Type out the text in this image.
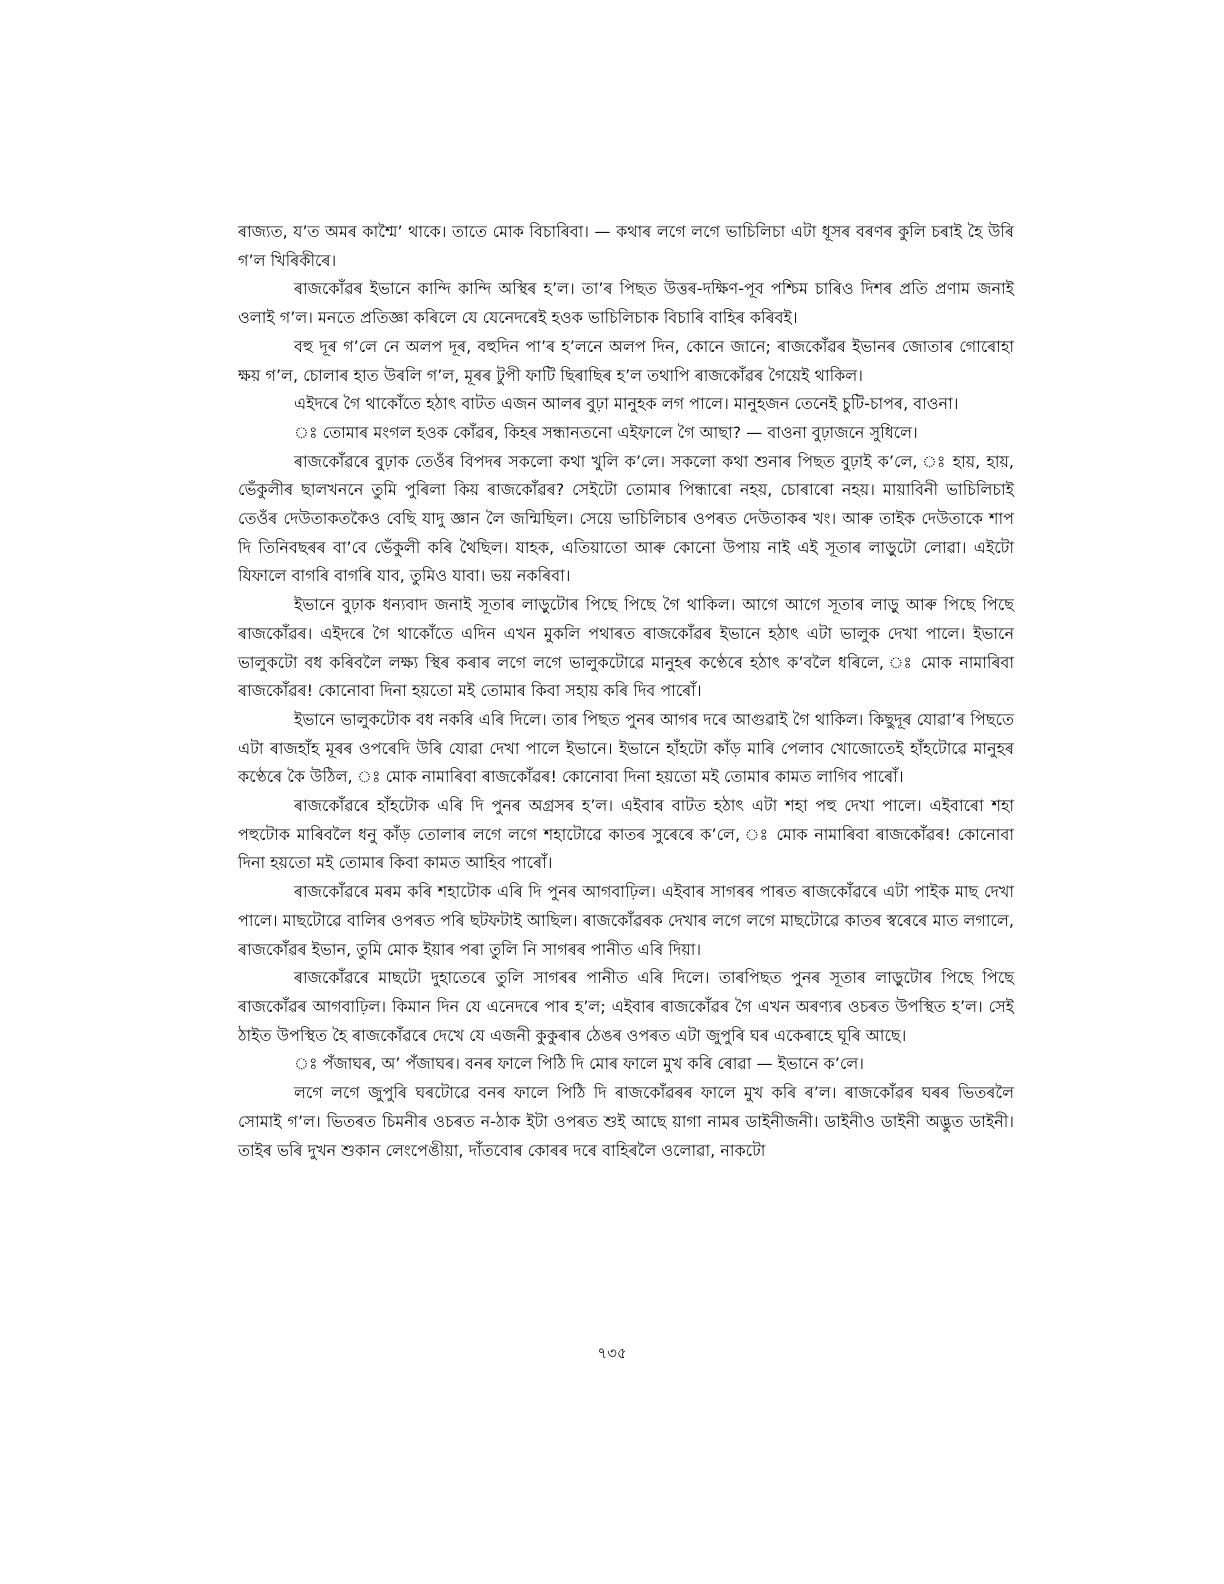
ৰাজ্যত, য’ত অমৰ কাশ্মৈ’ থাকে। তাতে মোক বিচাৰিবা। — কথাৰ লগে লগে ভাচিলিচা এটা ধূসৰ বৰণৰ কুলি চৰাই হৈ উৰি গ’ল খিৰিকীৰে।

ৰাজকোঁৱৰ ইভানে কান্দি কান্দি অস্থিৰ হ’ল। তা’ৰ পিছত উত্তৰ-দক্ষিণ-পূব পশ্চিম চাৰিও দিশৰ প্ৰতি প্ৰণাম জনাই ওলাই গ’ল। মনতে প্ৰতিজ্ঞা কৰিলে যে যেনেদৰেই হওক ভাচিলিচাক বিচাৰি বাহিৰ কৰিবই।

বহু দূৰ গ’লে নে অলপ দূৰ, বহুদিন পা’ৰ হ’লনে অলপ দিন, কোনে জানে; ৰাজকোঁৱৰ ইভানৰ জোতাৰ গোৰোহা ক্ষয় গ’ল, চোলাৰ হাত উৰলি গ’ল, মূৰৰ টুপী ফাটি ছিৰাছিৰ হ’ল তথাপি ৰাজকোঁৱৰ গৈয়েই থাকিল।

এইদৰে গৈ থাকোঁতে হঠাৎ বাটত এজন আলৰ বুঢ়া মানুহক লগ পালে। মানুহজন তেনেই চুটি-চাপৰ, বাওনা।

ঃ তোমাৰ মংগল হওক কোঁৱৰ, কিহৰ সন্ধানতনো এইফালে গৈ আছা? — বাওনা বুঢ়াজনে সুধিলে।

ৰাজকোঁৱৰে বুঢ়াক তেওঁৰ বিপদৰ সকলো কথা খুলি ক’লে। সকলো কথা শুনাৰ পিছত বুঢ়াই ক’লে, ঃ হায়, হায়, ভেঁকুলীৰ ছালখননে তুমি পুৰিলা কিয় ৰাজকোঁৱৰ? সেইটো তোমাৰ পিন্ধাৰো নহয়, চোৰাৰো নহয়। মায়াবিনী ভাচিলিচাই তেওঁৰ দেউতাকতকৈও বেছি যাদু জ্ঞান লৈ জন্মিছিল। সেয়ে ভাচিলিচাৰ ওপৰত দেউতাকৰ খং। আৰু তাইক দেউতাকে শাপ দি তিনিবছৰৰ বা’বে ভেঁকুলী কৰি থৈছিল। যাহক, এতিয়াতো আৰু কোনো উপায় নাই এই সূতাৰ লাড়ুটো লোৱা। এইটো যিফালে বাগৰি বাগৰি যাব, তুমিও যাবা। ভয় নকৰিবা।

ইভানে বুঢ়াক ধন্যবাদ জনাই সূতাৰ লাড়ুটোৰ পিছে পিছে গৈ থাকিল। আগে আগে সূতাৰ লাড়ু আৰু পিছে পিছে ৰাজকোঁৱৰ। এইদৰে গৈ থাকোঁতে এদিন এখন মুকলি পথাৰত ৰাজকোঁৱৰ ইভানে হঠাৎ এটা ভালুক দেখা পালে। ইভানে ভালুকটো বধ কৰিবলৈ লক্ষ্য স্থিৰ কৰাৰ লগে লগে ভালুকটোৱে মানুহৰ কণ্ঠেৰে হঠাৎ ক’বলৈ ধৰিলে, ঃ মোক নামাৰিবা ৰাজকোঁৱৰ! কোনোবা দিনা হয়তো মই তোমাৰ কিবা সহায় কৰি দিব পাৰোঁ।

ইভানে ভালুকটোক বধ নকৰি এৰি দিলে। তাৰ পিছত পুনৰ আগৰ দৰে আগুৱাই গৈ থাকিল। কিছুদূৰ যোৱা’ৰ পিছতে এটা ৰাজহাঁহ মূৰৰ ওপৰেদি উৰি যোৱা দেখা পালে ইভানে। ইভানে হাঁহটো কাঁড় মাৰি পেলাব খোজোতেই হাঁহটোৱে মানুহৰ কণ্ঠেৰে কৈ উঠিল, ঃ মোক নামাৰিবা ৰাজকোঁৱৰ! কোনোবা দিনা হয়তো মই তোমাৰ কামত লাগিব পাৰোঁ।

ৰাজকোঁৱৰে হাঁহটোক এৰি দি পুনৰ অগ্ৰসৰ হ’ল। এইবাৰ বাটত হঠাৎ এটা শহা পহু দেখা পালে। এইবাৰো শহা পহুটোক মাৰিবলৈ ধনু কাঁড় তোলাৰ লগে লগে শহাটোৱে কাতৰ সুৰেৰে ক’লে, ঃ মোক নামাৰিবা ৰাজকোঁৱৰ! কোনোবা দিনা হয়তো মই তোমাৰ কিবা কামত আহিব পাৰোঁ।

ৰাজকোঁৱৰে মৰম কৰি শহাটোক এৰি দি পুনৰ আগবাঢ়িল। এইবাৰ সাগৰৰ পাৰত ৰাজকোঁৱৰে এটা পাইক মাছ দেখা পালে। মাছটোৱে বালিৰ ওপৰত পৰি ছটফটাই আছিল। ৰাজকোঁৱৰক দেখাৰ লগে লগে মাছটোৱে কাতৰ স্বৰেৰে মাত লগালে, ৰাজকোঁৱৰ ইভান, তুমি মোক ইয়াৰ পৰা তুলি নি সাগৰৰ পানীত এৰি দিয়া।

ৰাজকোঁৱৰে মাছটো দুহাতেৰে তুলি সাগৰৰ পানীত এৰি দিলে। তাৰপিছত পুনৰ সূতাৰ লাড়ুটোৰ পিছে পিছে ৰাজকোঁৱৰ আগবাঢ়িল। কিমান দিন যে এনেদৰে পাৰ হ’ল; এইবাৰ ৰাজকোঁৱৰ গৈ এখন অৰণ্যৰ ওচৰত উপস্থিত হ’ল। সেই ঠাইত উপস্থিত হৈ ৰাজকোঁৱৰে দেখে যে এজনী কুকুৰাৰ ঠেঙৰ ওপৰত এটা জুপুৰি ঘৰ একেৰাহে ঘূৰি আছে।

ঃ পঁজাঘৰ, অ’ পঁজাঘৰ। বনৰ ফালে পিঠি দি মোৰ ফালে মুখ কৰি ৰোৱা — ইভানে ক’লে।

লগে লগে জুপুৰি ঘৰটোৱে বনৰ ফালে পিঠি দি ৰাজকোঁৱৰৰ ফালে মুখ কৰি ৰ’ল। ৰাজকোঁৱৰ ঘৰৰ ভিতৰলৈ সোমাই গ’ল। ভিতৰত চিমনীৰ ওচৰত ন-ঠাক ইটা ওপৰত শুই আছে য়াগা নামৰ ডাইনীজনী। ডাইনীও ডাইনী অদ্ভুত ডাইনী। তাইৰ ভৰি দুখন শুকান লেংপেঙীয়া, দাঁতবোৰ কোৰৰ দৰে বাহিৰলৈ ওলোৱা, নাকটো

৭৩৫
